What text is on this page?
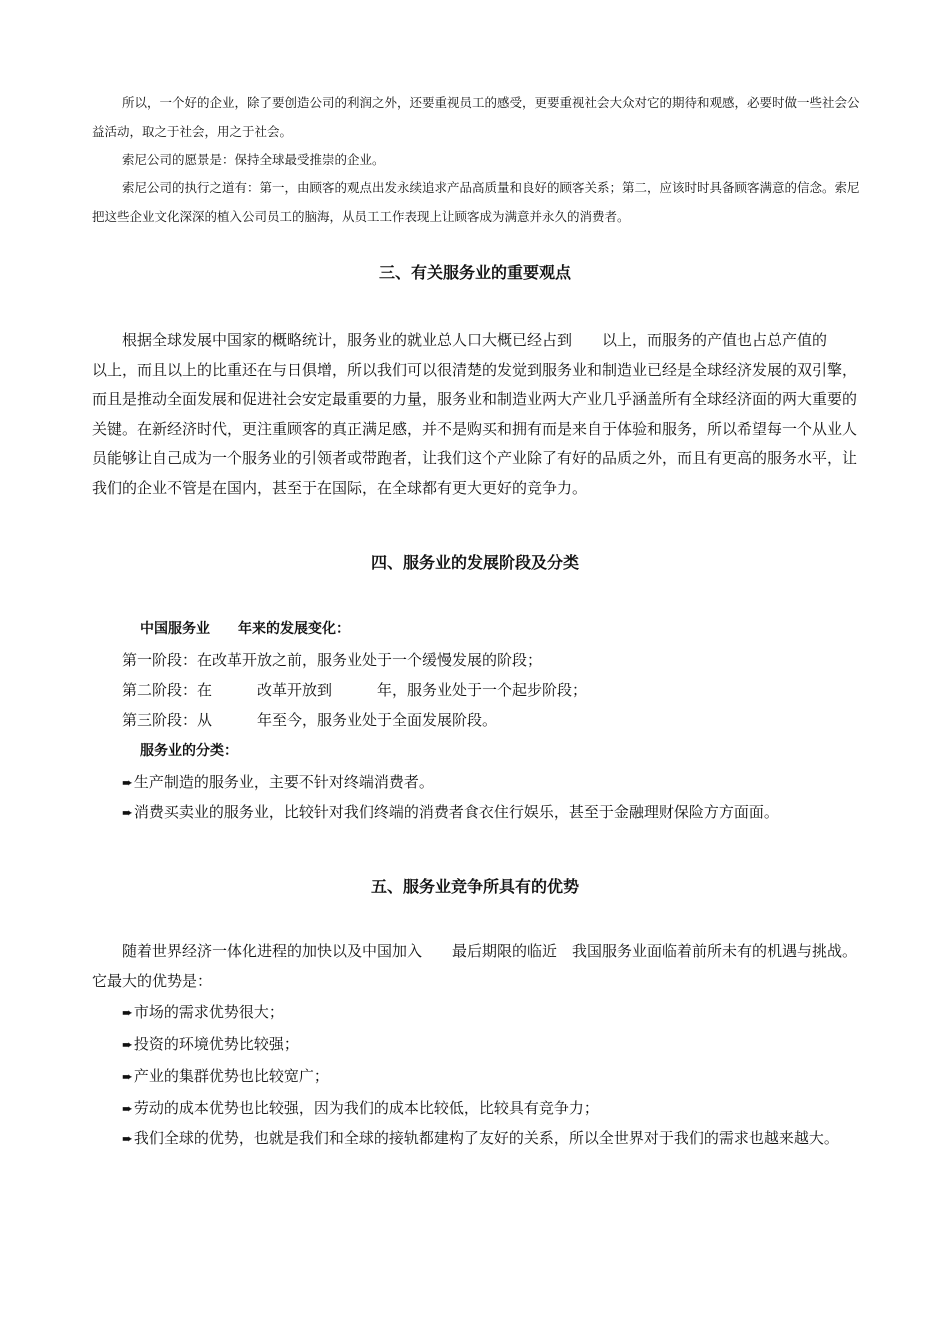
所以，一个好的企业，除了要创造公司的利润之外，还要重视员工的感受，更要重视社会大众对它的期待和观感，必要时做一些社会公益活动，取之于社会，用之于社会。

索尼公司的愿景是：保持全球最受推崇的企业。

索尼公司的执行之道有：第一，由顾客的观点出发永续追求产品高质量和良好的顾客关系；第二，应该时时具备顾客满意的信念。索尼把这些企业文化深深的植入公司员工的脑海，从员工工作表现上让顾客成为满意并永久的消费者。

三、有关服务业的重要观点

根据全球发展中国家的概略统计，服务业的就业总人口大概已经占到　　以上，而服务的产值也占总产值的　　以上，而且以上的比重还在与日俱增，所以我们可以很清楚的发觉到服务业和制造业已经是全球经济发展的双引擎，而且是推动全面发展和促进社会安定最重要的力量，服务业和制造业两大产业几乎涵盖所有全球经济面的两大重要的关键。在新经济时代，更注重顾客的真正满足感，并不是购买和拥有而是来自于体验和服务，所以希望每一个从业人员能够让自己成为一个服务业的引领者或带跑者，让我们这个产业除了有好的品质之外，而且有更高的服务水平，让我们的企业不管是在国内，甚至于在国际，在全球都有更大更好的竞争力。

四、服务业的发展阶段及分类

中国服务业　　年来的发展变化：

第一阶段：在改革开放之前，服务业处于一个缓慢发展的阶段；

第二阶段：在　　　改革开放到　　　年，服务业处于一个起步阶段；

第三阶段：从　　　年至今，服务业处于全面发展阶段。

服务业的分类：

➨生产制造的服务业，主要不针对终端消费者。

➨消费买卖业的服务业，比较针对我们终端的消费者食衣住行娱乐，甚至于金融理财保险方方面面。

五、服务业竞争所具有的优势

随着世界经济一体化进程的加快以及中国加入　　最后期限的临近　我国服务业面临着前所未有的机遇与挑战。它最大的优势是：

➨市场的需求优势很大；

➨投资的环境优势比较强；

➨产业的集群优势也比较宽广；

➨劳动的成本优势也比较强，因为我们的成本比较低，比较具有竞争力；

➨我们全球的优势，也就是我们和全球的接轨都建构了友好的关系，所以全世界对于我们的需求也越来越大。
